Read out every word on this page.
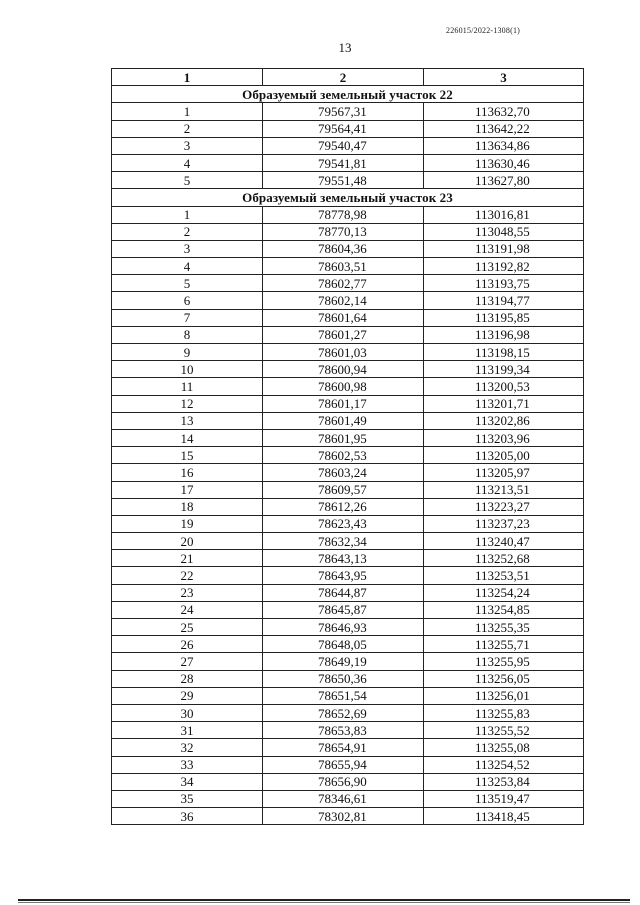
226015/2022-1308(1)
13
1	2	3
Образуемый земельный участок 22		
1	79567,31	113632,70
2	79564,41	113642,22
3	79540,47	113634,86
4	79541,81	113630,46
5	79551,48	113627,80
Образуемый земельный участок 23		
1	78778,98	113016,81
2	78770,13	113048,55
3	78604,36	113191,98
4	78603,51	113192,82
5	78602,77	113193,75
6	78602,14	113194,77
7	78601,64	113195,85
8	78601,27	113196,98
9	78601,03	113198,15
10	78600,94	113199,34
11	78600,98	113200,53
12	78601,17	113201,71
13	78601,49	113202,86
14	78601,95	113203,96
15	78602,53	113205,00
16	78603,24	113205,97
17	78609,57	113213,51
18	78612,26	113223,27
19	78623,43	113237,23
20	78632,34	113240,47
21	78643,13	113252,68
22	78643,95	113253,51
23	78644,87	113254,24
24	78645,87	113254,85
25	78646,93	113255,35
26	78648,05	113255,71
27	78649,19	113255,95
28	78650,36	113256,05
29	78651,54	113256,01
30	78652,69	113255,83
31	78653,83	113255,52
32	78654,91	113255,08
33	78655,94	113254,52
34	78656,90	113253,84
35	78346,61	113519,47
36	78302,81	113418,45
